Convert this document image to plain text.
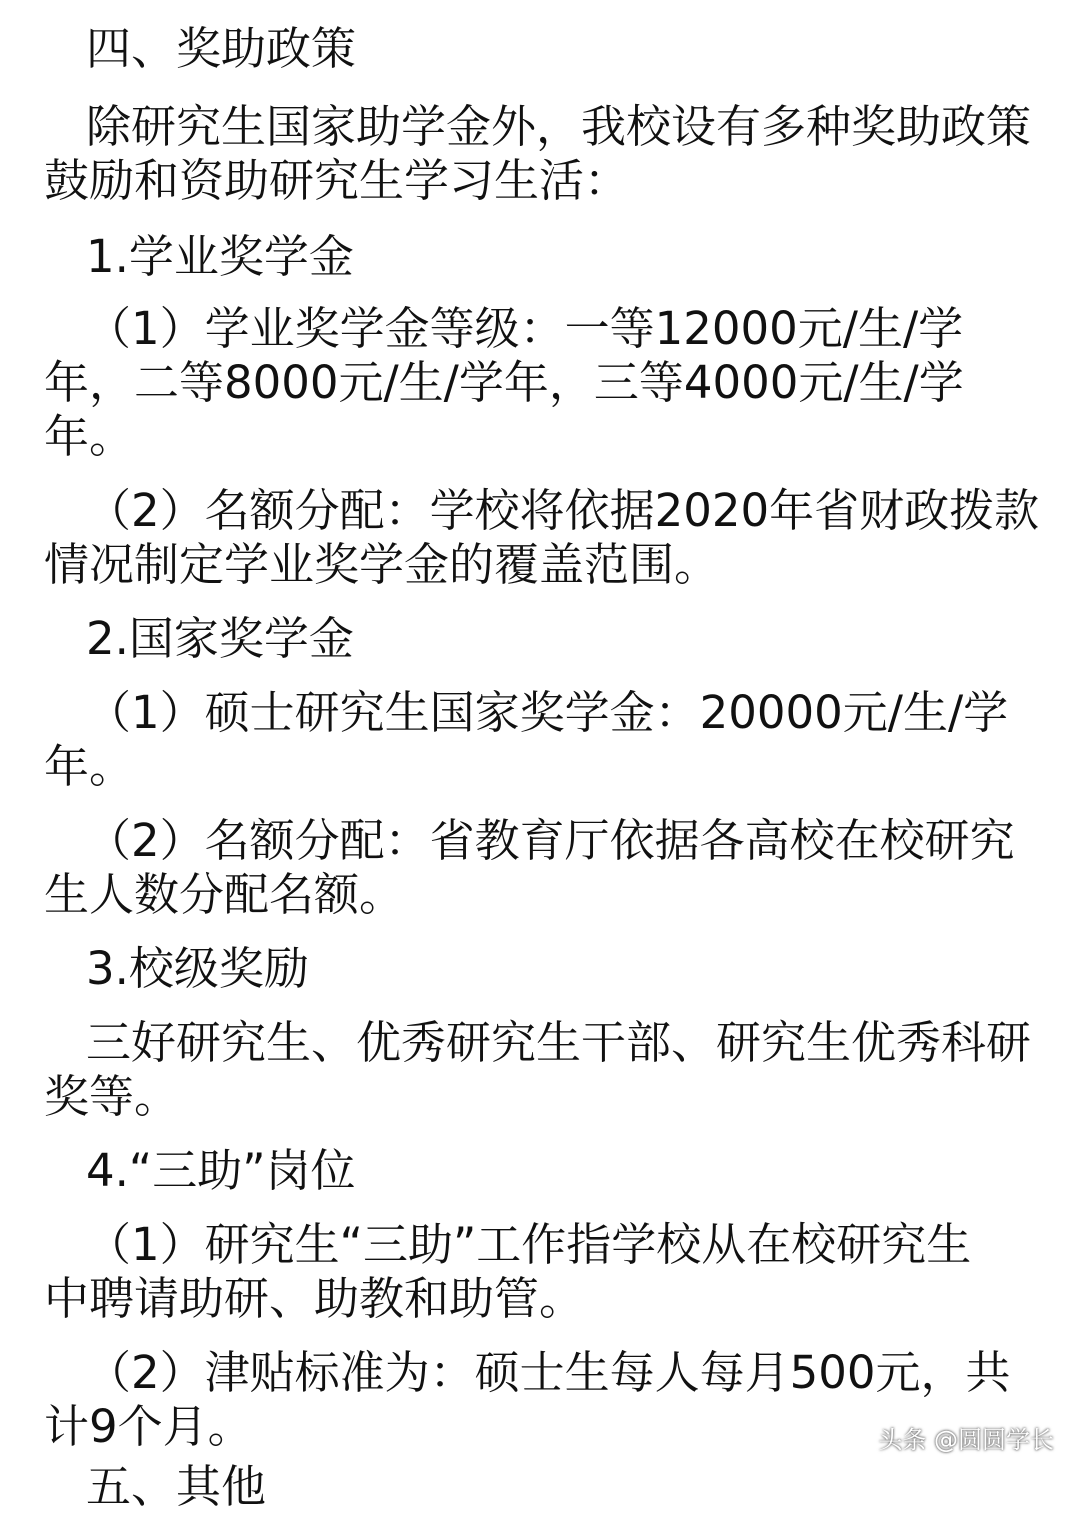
四、奖助政策
除研究生国家助学金外，我校设有多种奖助政策
鼓励和资助研究生学习生活：
1.学业奖学金
（1）学业奖学金等级：一等12000元/生/学
年，二等8000元/生/学年，三等4000元/生/学
年。
（2）名额分配：学校将依据2020年省财政拨款
情况制定学业奖学金的覆盖范围。
2.国家奖学金
（1）硕士研究生国家奖学金：20000元/生/学
年。
（2）名额分配：省教育厅依据各高校在校研究
生人数分配名额。
3.校级奖励
三好研究生、优秀研究生干部、研究生优秀科研
奖等。
4.“三助”岗位
（1）研究生“三助”工作指学校从在校研究生
中聘请助研、助教和助管。
（2）津贴标准为：硕士生每人每月500元，共
计9个月。
五、其他
头条 @圆圆学长
